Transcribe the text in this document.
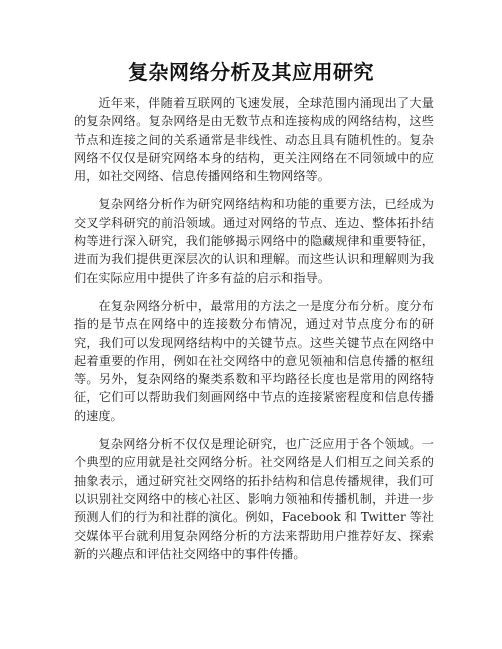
复杂网络分析及其应用研究

近年来，伴随着互联网的飞速发展，全球范围内涌现出了大量的复杂网络。复杂网络是由无数节点和连接构成的网络结构，这些节点和连接之间的关系通常是非线性、动态且具有随机性的。复杂网络不仅仅是研究网络本身的结构，更关注网络在不同领域中的应用，如社交网络、信息传播网络和生物网络等。

复杂网络分析作为研究网络结构和功能的重要方法，已经成为交叉学科研究的前沿领域。通过对网络的节点、连边、整体拓扑结构等进行深入研究，我们能够揭示网络中的隐藏规律和重要特征，进而为我们提供更深层次的认识和理解。而这些认识和理解则为我们在实际应用中提供了许多有益的启示和指导。

在复杂网络分析中，最常用的方法之一是度分布分析。度分布指的是节点在网络中的连接数分布情况，通过对节点度分布的研究，我们可以发现网络结构中的关键节点。这些关键节点在网络中起着重要的作用，例如在社交网络中的意见领袖和信息传播的枢纽等。另外，复杂网络的聚类系数和平均路径长度也是常用的网络特征，它们可以帮助我们刻画网络中节点的连接紧密程度和信息传播的速度。

复杂网络分析不仅仅是理论研究，也广泛应用于各个领域。一个典型的应用就是社交网络分析。社交网络是人们相互之间关系的抽象表示，通过研究社交网络的拓扑结构和信息传播规律，我们可以识别社交网络中的核心社区、影响力领袖和传播机制，并进一步预测人们的行为和社群的演化。例如，Facebook 和 Twitter 等社交媒体平台就利用复杂网络分析的方法来帮助用户推荐好友、探索新的兴趣点和评估社交网络中的事件传播。
